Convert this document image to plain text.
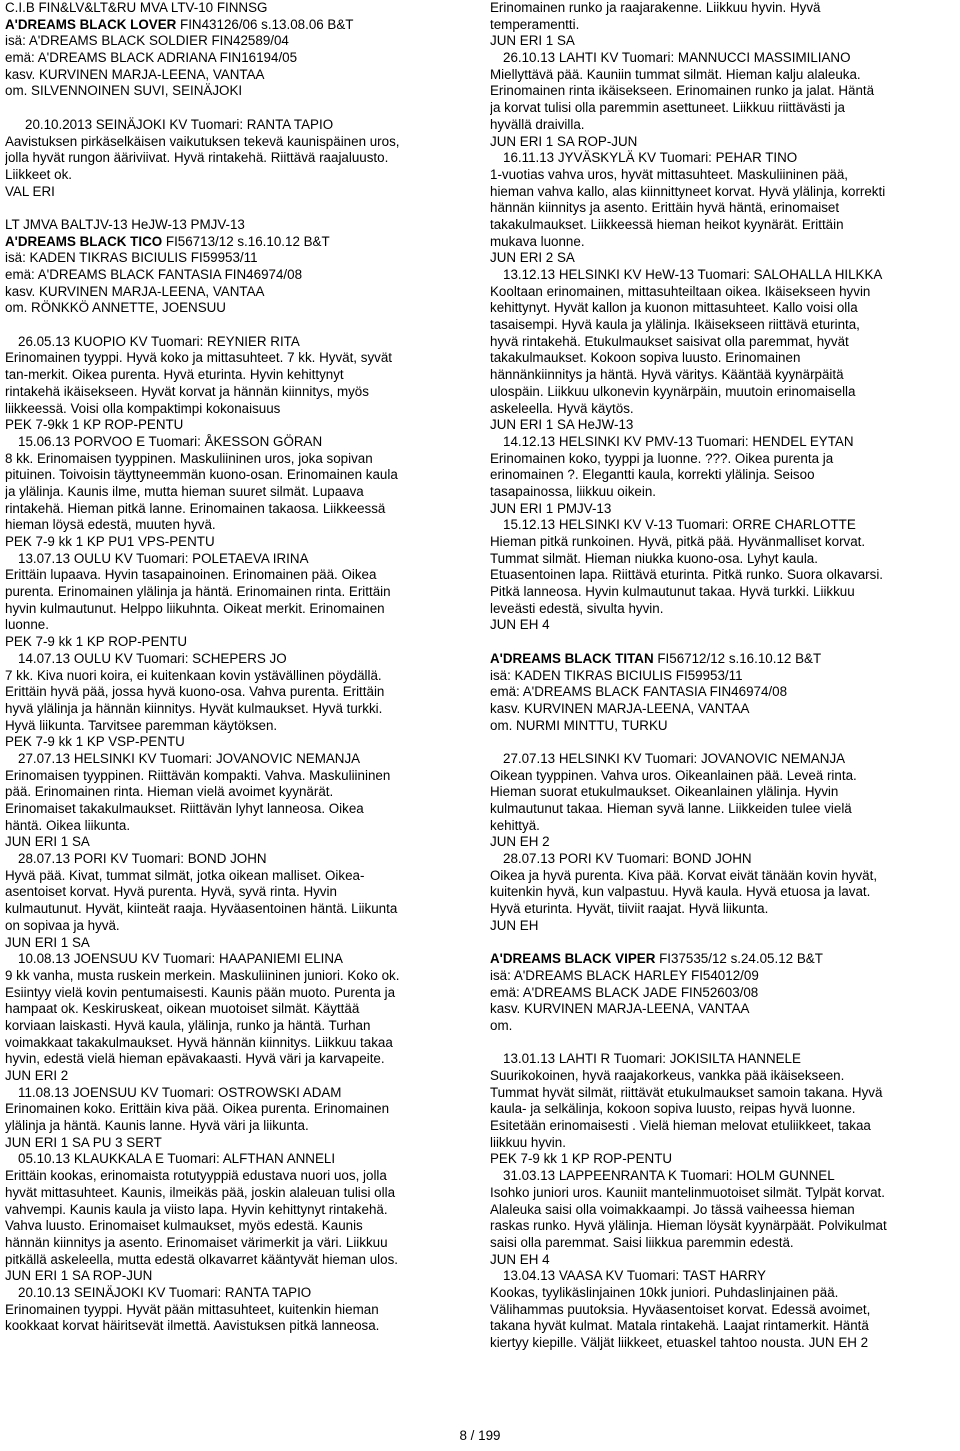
C.I.B FIN&LV&LT&RU MVA LTV-10 FINNSG
A'DREAMS BLACK LOVER FIN43126/06 s.13.08.06 B&T
isä: A'DREAMS BLACK SOLDIER FIN42589/04
emä: A'DREAMS BLACK ADRIANA FIN16194/05
kasv. KURVINEN MARJA-LEENA, VANTAA
om. SILVENNOINEN SUVI, SEINÄJOKI
20.10.2013 SEINÄJOKI KV Tuomari: RANTA TAPIO
Aavistuksen pirkäselkäisen vaikutuksen tekevä kaunispäinen uros,
jolla hyvät rungon ääriviivat. Hyvä rintakehä. Riittävä raajaluusto.
Liikkeet ok.
VAL ERI
LT JMVA BALTJV-13 HeJW-13 PMJV-13
A'DREAMS BLACK TICO FI56713/12 s.16.10.12 B&T
isä: KADEN TIKRAS BICIULIS FI59953/11
emä: A'DREAMS BLACK FANTASIA FIN46974/08
kasv. KURVINEN MARJA-LEENA, VANTAA
om. RÖNKKÖ ANNETTE, JOENSUU
26.05.13 KUOPIO KV Tuomari: REYNIER RITA
Erinomainen tyyppi. Hyvä koko ja mittasuhteet. 7 kk. Hyvät, syvät
tan-merkit. Oikea purenta. Hyvä eturinta. Hyvin kehittynyt
rintakehä ikäisekseen. Hyvät korvat ja hännän kiinnitys, myös
liikkeessä. Voisi olla kompaktimpi kokonaisuus
PEK 7-9kk 1 KP ROP-PENTU
15.06.13 PORVOO E Tuomari: ÅKESSON GÖRAN
8 kk. Erinomaisen tyyppinen. Maskuliininen uros, joka sopivan
pituinen. Toivoisin täyttyneemmän kuono-osan. Erinomainen kaula
ja ylälinja. Kaunis ilme, mutta hieman suuret silmät. Lupaava
rintakehä. Hieman pitkä lanne. Erinomainen takaosa. Liikkeessä
hieman löysä edestä, muuten hyvä.
PEK 7-9 kk 1 KP PU1 VPS-PENTU
13.07.13 OULU KV Tuomari: POLETAEVA IRINA
Erittäin lupaava. Hyvin tasapainoinen. Erinomainen pää. Oikea
purenta. Erinomainen ylälinja ja häntä. Erinomainen rinta. Erittäin
hyvin kulmautunut. Helppo liikuhnta. Oikeat merkit. Erinomainen
luonne.
PEK 7-9 kk 1 KP ROP-PENTU
14.07.13 OULU KV Tuomari: SCHEPERS JO
7 kk. Kiva nuori koira, ei kuitenkaan kovin ystävällinen pöydällä.
Erittäin hyvä pää, jossa hyvä kuono-osa. Vahva purenta. Erittäin
hyvä ylälinja ja hännän kiinnitys. Hyvät kulmaukset. Hyvä turkki.
Hyvä liikunta. Tarvitsee paremman käytöksen.
PEK 7-9 kk 1 KP VSP-PENTU
27.07.13 HELSINKI KV Tuomari: JOVANOVIC NEMANJA
Erinomaisen tyyppinen. Riittävän kompakti. Vahva. Maskuliininen
pää. Erinomainen rinta. Hieman vielä avoimet kyynärät.
Erinomaiset takakulmaukset. Riittävän lyhyt lanneosa. Oikea
häntä. Oikea liikunta.
JUN ERI 1 SA
28.07.13 PORI KV Tuomari: BOND JOHN
Hyvä pää. Kivat, tummat silmät, jotka oikean malliset. Oikea-
asentoiset korvat. Hyvä purenta. Hyvä, syvä rinta. Hyvin
kulmautunut. Hyvät, kiinteät raaja. Hyväasentoinen häntä. Liikunta
on sopivaa ja hyvä.
JUN ERI 1 SA
10.08.13 JOENSUU KV Tuomari: HAAPANIEMI ELINA
9 kk vanha, musta ruskein merkein. Maskuliininen juniori. Koko ok.
Esiintyy vielä kovin pentumaisesti. Kaunis pään muoto. Purenta ja
hampaat ok. Keskiruskeat, oikean muotoiset silmät. Käyttää
korviaan laiskasti. Hyvä kaula, ylälinja, runko ja häntä. Turhan
voimakkaat takakulmaukset. Hyvä hännän kiinnitys. Liikkuu takaa
hyvin, edestä vielä hieman epävakaasti. Hyvä väri ja karvapeite.
JUN ERI 2
11.08.13 JOENSUU KV Tuomari: OSTROWSKI ADAM
Erinomainen koko. Erittäin kiva pää. Oikea purenta. Erinomainen
ylälinja ja häntä. Kaunis lanne. Hyvä väri ja liikunta.
JUN ERI 1 SA PU 3 SERT
05.10.13 KLAUKKALA E Tuomari: ALFTHAN ANNELI
Erittäin kookas, erinomaista rotutyyppiä edustava nuori uos, jolla
hyvät mittasuhteet. Kaunis, ilmeikäs pää, joskin alaleuan tulisi olla
vahvempi. Kaunis kaula ja viisto lapa. Hyvin kehittynyt rintakehä.
Vahva luusto. Erinomaiset kulmaukset, myös edestä. Kaunis
hännän kiinnitys ja asento. Erinomaiset värimerkit ja väri. Liikkuu
pitkällä askeleella, mutta edestä olkavarret kääntyvät hieman ulos.
JUN ERI 1 SA ROP-JUN
20.10.13 SEINÄJOKI KV Tuomari: RANTA TAPIO
Erinomainen tyyppi. Hyvät pään mittasuhteet, kuitenkin hieman
kookkaat korvat häiritsevät ilmettä. Aavistuksen pitkä lanneosa.
Erinomainen runko ja raajarakenne. Liikkuu hyvin. Hyvä
temperamentti.
JUN ERI 1 SA
26.10.13 LAHTI KV Tuomari: MANNUCCI MASSIMILIANO
Miellyttävä pää. Kauniin tummat silmät. Hieman kalju alaleuka.
Erinomainen rinta ikäisekseen. Erinomainen runko ja jalat. Häntä
ja korvat tulisi olla paremmin asettuneet. Liikkuu riittävästi ja
hyvällä draivilla.
JUN ERI 1 SA ROP-JUN
16.11.13 JYVÄSKYLÄ KV Tuomari: PEHAR TINO
1-vuotias vahva uros, hyvät mittasuhteet. Maskuliininen pää,
hieman vahva kallo, alas kiinnittyneet korvat. Hyvä ylälinja, korrekti
hännän kiinnitys ja asento. Erittäin hyvä häntä, erinomaiset
takakulmaukset. Liikkeessä hieman heikot kyynärät. Erittäin
mukava luonne.
JUN ERI 2 SA
13.12.13 HELSINKI KV HeW-13 Tuomari: SALOHALLA HILKKA
Kooltaan erinomainen, mittasuhteiltaan oikea. Ikäisekseen hyvin
kehittynyt. Hyvät kallon ja kuonon mittasuhteet. Kallo voisi olla
tasaisempi. Hyvä kaula ja ylälinja. Ikäisekseen riittävä eturinta,
hyvä rintakehä. Etukulmaukset saisivat olla paremmat, hyvät
takakulmaukset. Kokoon sopiva luusto. Erinomainen
hännänkiinnitys ja häntä. Hyvä väritys. Kääntää kyynärpäitä
ulospäin. Liikkuu ulkonevin kyynärpäin, muutoin erinomaisella
askeleella. Hyvä käytös.
JUN ERI 1 SA HeJW-13
14.12.13 HELSINKI KV PMV-13 Tuomari: HENDEL EYTAN
Erinomainen koko, tyyppi ja luonne. ???. Oikea purenta ja
erinomainen ?. Elegantti kaula, korrekti ylälinja. Seisoo
tasapainossa, liikkuu oikein.
JUN ERI 1 PMJV-13
15.12.13 HELSINKI KV V-13 Tuomari: ORRE CHARLOTTE
Hieman pitkä runkoinen. Hyvä, pitkä pää. Hyvänmalliset korvat.
Tummat silmät. Hieman niukka kuono-osa. Lyhyt kaula.
Etuasentoinen lapa. Riittävä eturinta. Pitkä runko. Suora olkavarsi.
Pitkä lanneosa. Hyvin kulmautunut takaa. Hyvä turkki. Liikkuu
leveästi edestä, sivulta hyvin.
JUN EH 4
A'DREAMS BLACK TITAN FI56712/12 s.16.10.12 B&T
isä: KADEN TIKRAS BICIULIS FI59953/11
emä: A'DREAMS BLACK FANTASIA FIN46974/08
kasv. KURVINEN MARJA-LEENA, VANTAA
om. NURMI MINTTU, TURKU
27.07.13 HELSINKI KV Tuomari: JOVANOVIC NEMANJA
Oikean tyyppinen. Vahva uros. Oikeanlainen pää. Leveä rinta.
Hieman suorat etukulmaukset. Oikeanlainen ylälinja. Hyvin
kulmautunut takaa. Hieman syvä lanne. Liikkeiden tulee vielä
kehittyä.
JUN EH 2
28.07.13 PORI KV Tuomari: BOND JOHN
Oikea ja hyvä purenta. Kiva pää. Korvat eivät tänään kovin hyvät,
kuitenkin hyvä, kun valpastuu. Hyvä kaula. Hyvä etuosa ja lavat.
Hyvä eturinta. Hyvät, tiiviit raajat. Hyvä liikunta.
JUN EH
A'DREAMS BLACK VIPER FI37535/12 s.24.05.12 B&T
isä: A'DREAMS BLACK HARLEY FI54012/09
emä: A'DREAMS BLACK JADE FIN52603/08
kasv. KURVINEN MARJA-LEENA, VANTAA
om.
13.01.13 LAHTI R Tuomari: JOKISILTA HANNELE
Suurikokoinen, hyvä raajakorkeus, vankka pää ikäisekseen.
Tummat hyvät silmät, riittävät etukulmaukset samoin takana. Hyvä
kaula- ja selkälinja, kokoon sopiva luusto, reipas hyvä luonne.
Esitetään erinomaisesti . Vielä hieman melovat etuliikkeet, takaa
liikkuu hyvin.
PEK 7-9 kk 1 KP ROP-PENTU
31.03.13 LAPPEENRANTA K Tuomari: HOLM GUNNEL
Isohko juniori uros. Kauniit mantelinmuotoiset silmät. Tylpät korvat.
Alaleuka saisi olla voimakkaampi. Jo tässä vaiheessa hieman
raskas runko. Hyvä ylälinja. Hieman löysät kyynärpäät. Polvikulmat
saisi olla paremmat. Saisi liikkua paremmin edestä.
JUN EH 4
13.04.13 VAASA KV Tuomari: TAST HARRY
Kookas, tyylikäslinjainen 10kk juniori. Puhdaslinjainen pää.
Välihammas puutoksia. Hyväasentoiset korvat. Edessä avoimet,
takana hyvät kulmat. Matala rintakehä. Laajat rintamerkit. Häntä
kiertyy kiepille. Väljät liikkeet, etuaskel tahtoo nousta. JUN EH 2
8 / 199
